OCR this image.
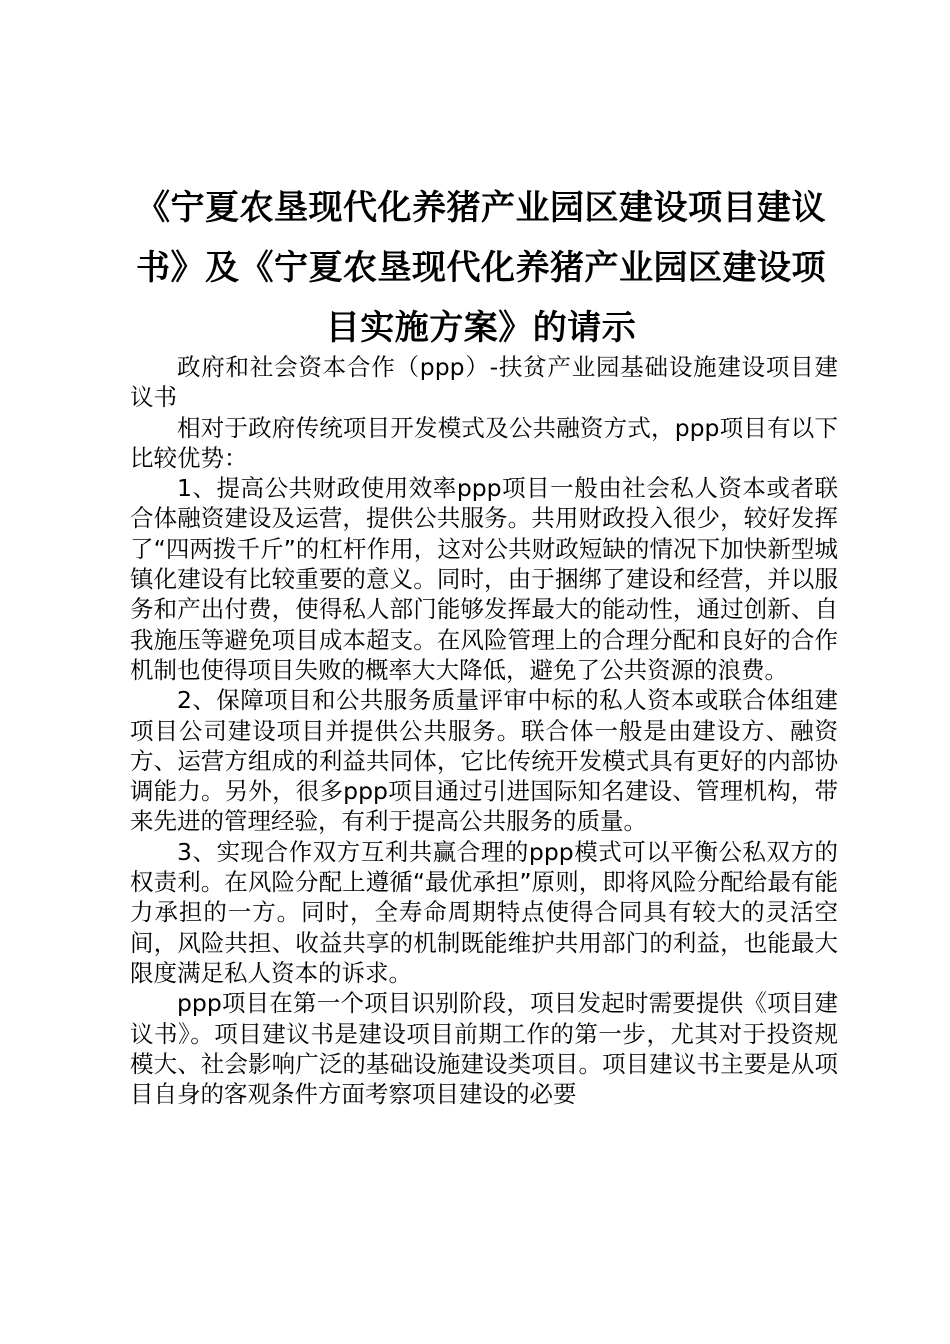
《宁夏农垦现代化养猪产业园区建设项目建议书》及《宁夏农垦现代化养猪产业园区建设项目实施方案》的请示

政府和社会资本合作（ppp）-扶贫产业园基础设施建设项目建议书

相对于政府传统项目开发模式及公共融资方式，ppp项目有以下比较优势：

1、提高公共财政使用效率ppp项目一般由社会私人资本或者联合体融资建设及运营，提供公共服务。共用财政投入很少，较好发挥了“四两拨千斤”的杠杆作用，这对公共财政短缺的情况下加快新型城镇化建设有比较重要的意义。同时，由于捆绑了建设和经营，并以服务和产出付费，使得私人部门能够发挥最大的能动性，通过创新、自我施压等避免项目成本超支。在风险管理上的合理分配和良好的合作机制也使得项目失败的概率大大降低，避免了公共资源的浪费。

2、保障项目和公共服务质量评审中标的私人资本或联合体组建项目公司建设项目并提供公共服务。联合体一般是由建设方、融资方、运营方组成的利益共同体，它比传统开发模式具有更好的内部协调能力。另外，很多ppp项目通过引进国际知名建设、管理机构，带来先进的管理经验，有利于提高公共服务的质量。

3、实现合作双方互利共赢合理的ppp模式可以平衡公私双方的权责利。在风险分配上遵循“最优承担”原则，即将风险分配给最有能力承担的一方。同时，全寿命周期特点使得合同具有较大的灵活空间，风险共担、收益共享的机制既能维护共用部门的利益，也能最大限度满足私人资本的诉求。

ppp项目在第一个项目识别阶段，项目发起时需要提供《项目建议书》。项目建议书是建设项目前期工作的第一步，尤其对于投资规模大、社会影响广泛的基础设施建设类项目。项目建议书主要是从项目自身的客观条件方面考察项目建设的必要
